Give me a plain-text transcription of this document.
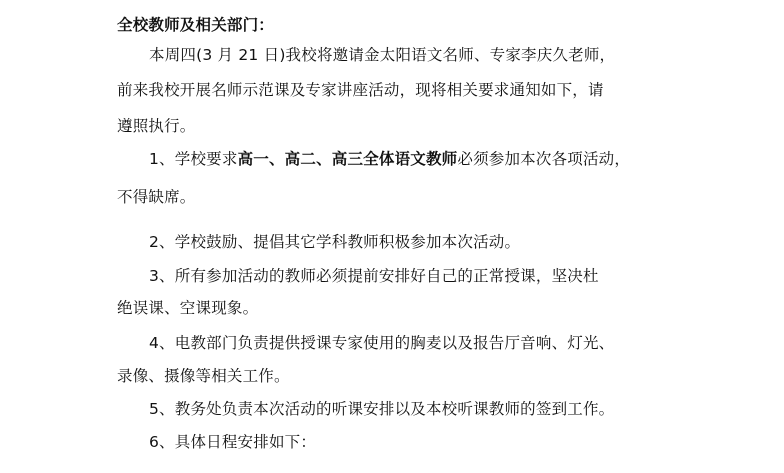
全校教师及相关部门：
本周四(3 月 21 日)我校将邀请金太阳语文名师、专家李庆久老师，
前来我校开展名师示范课及专家讲座活动，现将相关要求通知如下，请
遵照执行。
1、学校要求高一、高二、高三全体语文教师必须参加本次各项活动，
不得缺席。
2、学校鼓励、提倡其它学科教师积极参加本次活动。
3、所有参加活动的教师必须提前安排好自己的正常授课，坚决杜
绝误课、空课现象。
4、电教部门负责提供授课专家使用的胸麦以及报告厅音响、灯光、
录像、摄像等相关工作。
5、教务处负责本次活动的听课安排以及本校听课教师的签到工作。
6、具体日程安排如下：
